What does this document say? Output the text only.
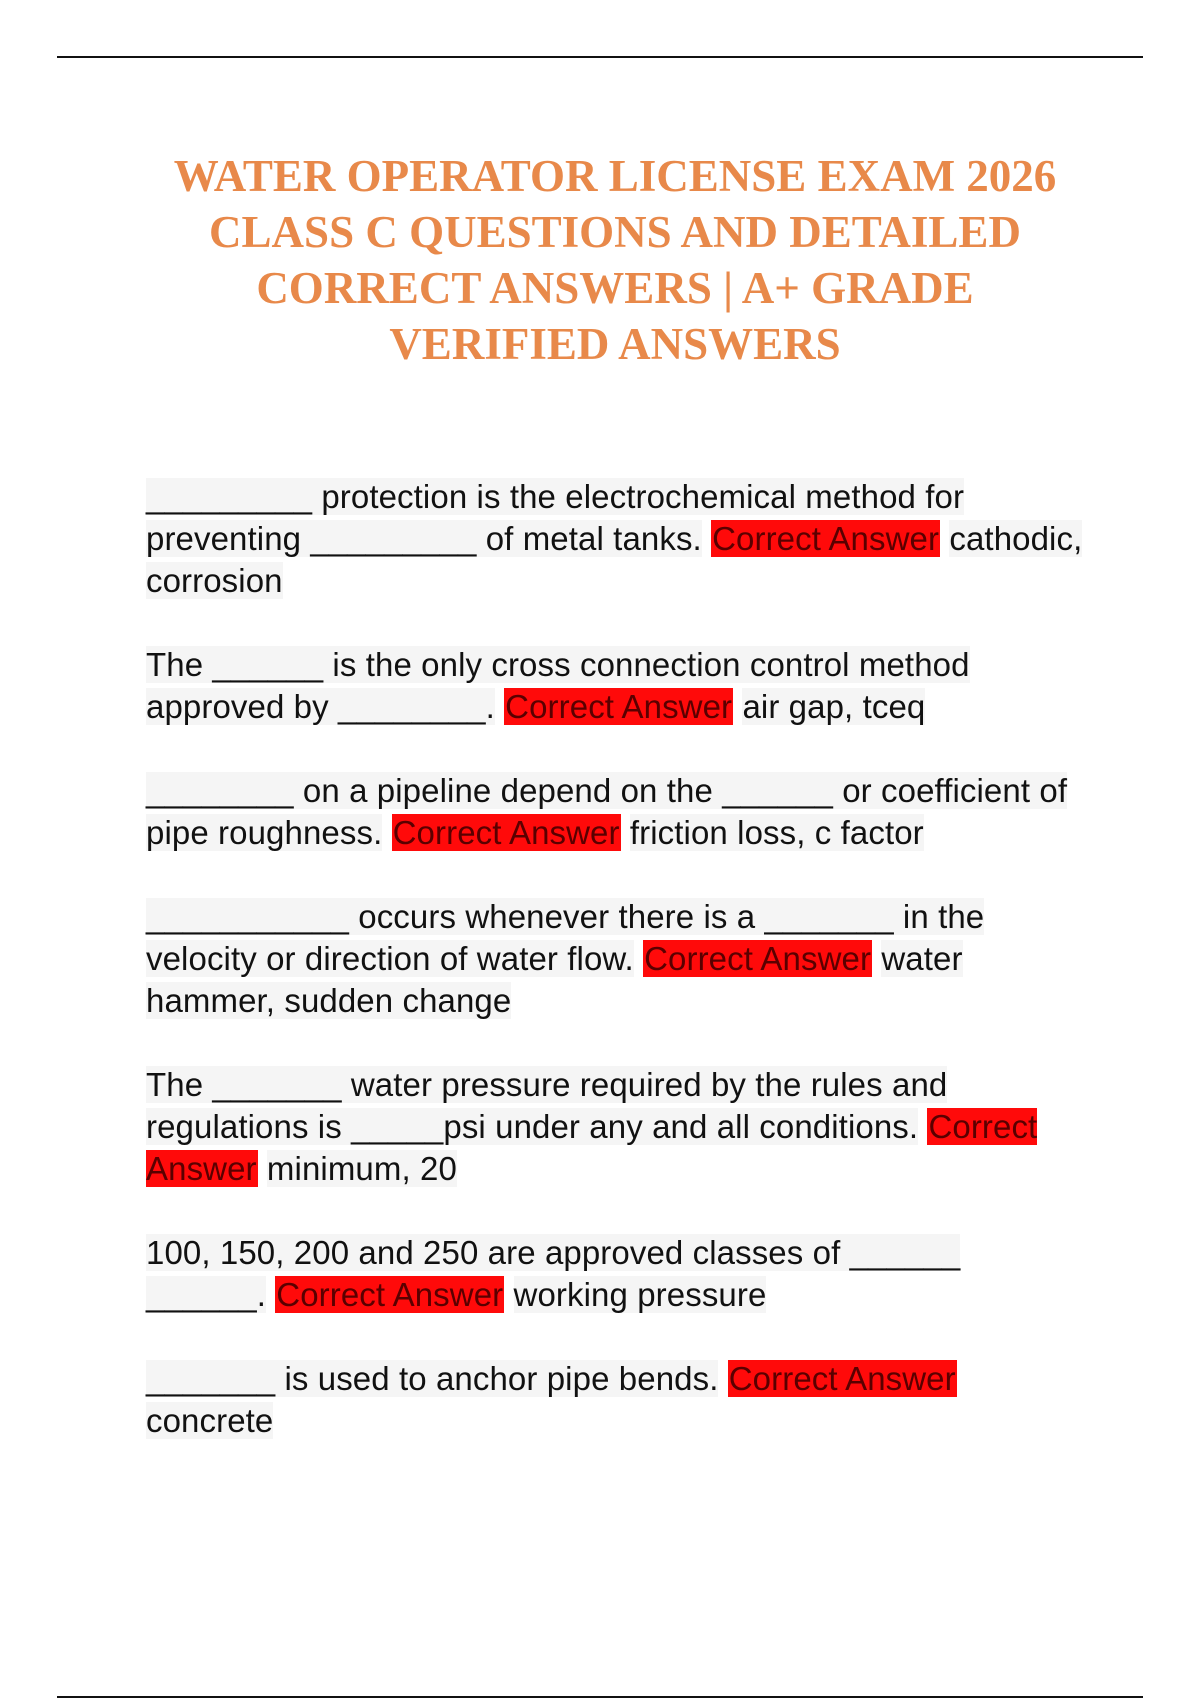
WATER OPERATOR LICENSE EXAM 2026 CLASS C QUESTIONS AND DETAILED CORRECT ANSWERS | A+ GRADE VERIFIED ANSWERS

_________ protection is the electrochemical method for preventing _________ of metal tanks. Correct Answer cathodic, corrosion

The ______ is the only cross connection control method approved by ________. Correct Answer air gap, tceq

________ on a pipeline depend on the ______ or coefficient of pipe roughness. Correct Answer friction loss, c factor

___________ occurs whenever there is a _______ in the velocity or direction of water flow. Correct Answer water hammer, sudden change

The _______ water pressure required by the rules and regulations is _____psi under any and all conditions. Correct Answer minimum, 20

100, 150, 200 and 250 are approved classes of ______ ______. Correct Answer working pressure

_______ is used to anchor pipe bends. Correct Answer concrete
